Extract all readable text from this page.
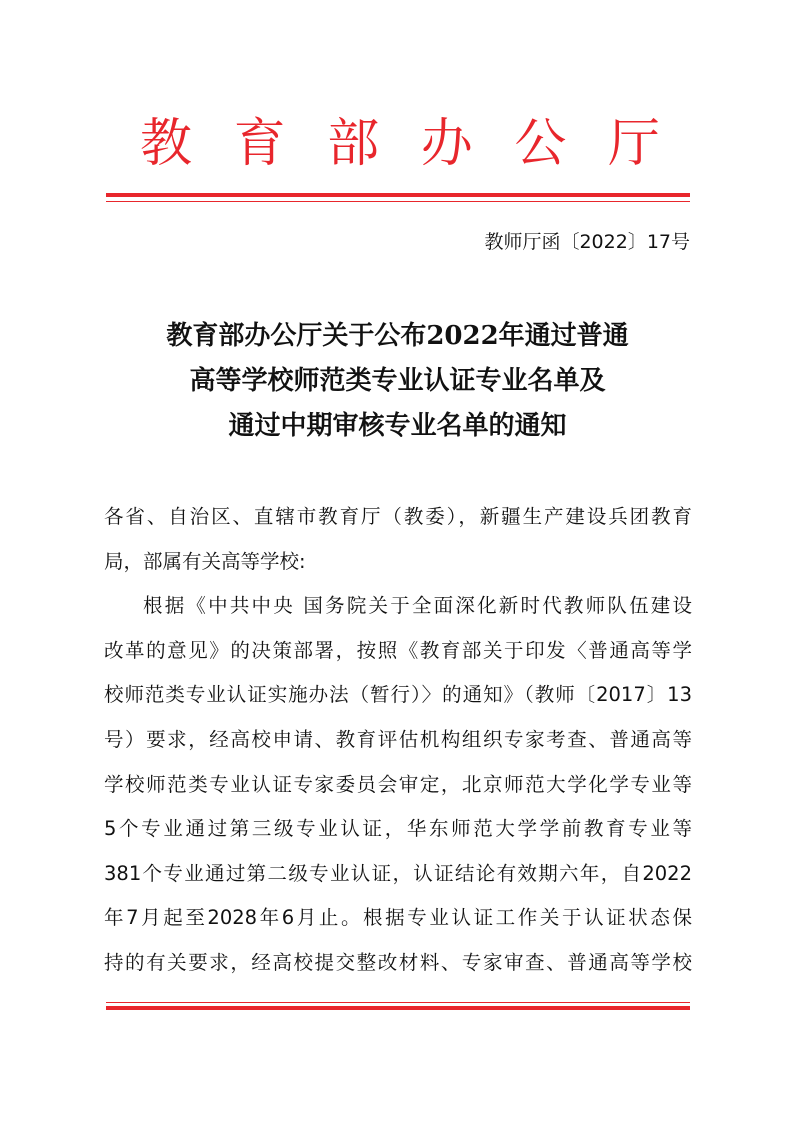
教 育 部 办 公 厅
教师厅函〔2022〕17号
教育部办公厅关于公布2022年通过普通
高等学校师范类专业认证专业名单及
通过中期审核专业名单的通知
各省、自治区、直辖市教育厅（教委），新疆生产建设兵团教育
局，部属有关高等学校:
根据《中共中央 国务院关于全面深化新时代教师队伍建设
改革的意见》的决策部署，按照《教育部关于印发〈普通高等学
校师范类专业认证实施办法（暂行）〉的通知》（教师〔2017〕13
号）要求，经高校申请、教育评估机构组织专家考查、普通高等
学校师范类专业认证专家委员会审定，北京师范大学化学专业等
5个专业通过第三级专业认证，华东师范大学学前教育专业等
381个专业通过第二级专业认证，认证结论有效期六年，自2022
年7月起至2028年6月止。根据专业认证工作关于认证状态保
持的有关要求，经高校提交整改材料、专家审查、普通高等学校
